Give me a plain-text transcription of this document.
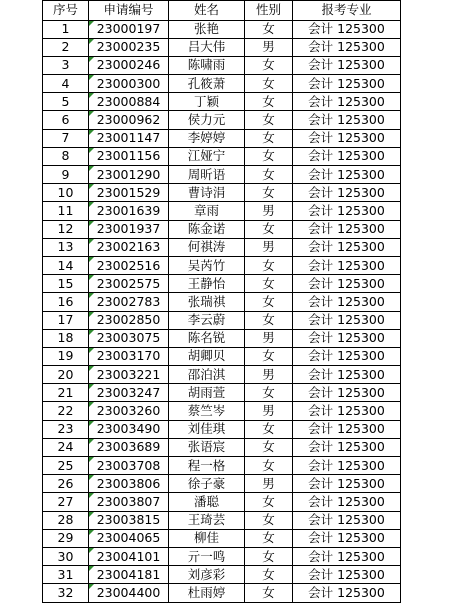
序号	申请编号	姓名	性别	报考专业
1	23000197	张艳	女	会计 125300
2	23000235	吕大伟	男	会计 125300
3	23000246	陈啸雨	女	会计 125300
4	23000300	孔筱萧	女	会计 125300
5	23000884	丁颖	女	会计 125300
6	23000962	侯力元	女	会计 125300
7	23001147	李婷婷	女	会计 125300
8	23001156	江娅宁	女	会计 125300
9	23001290	周昕语	女	会计 125300
10	23001529	曹诗涓	女	会计 125300
11	23001639	章雨	男	会计 125300
12	23001937	陈金诺	女	会计 125300
13	23002163	何祺涛	男	会计 125300
14	23002516	吴芮竹	女	会计 125300
15	23002575	王静怡	女	会计 125300
16	23002783	张瑞祺	女	会计 125300
17	23002850	李云蔚	女	会计 125300
18	23003075	陈名锐	男	会计 125300
19	23003170	胡卿贝	女	会计 125300
20	23003221	邵泊淇	男	会计 125300
21	23003247	胡雨萱	女	会计 125300
22	23003260	蔡竺岑	男	会计 125300
23	23003490	刘佳琪	女	会计 125300
24	23003689	张语宸	女	会计 125300
25	23003708	程一格	女	会计 125300
26	23003806	徐子豪	男	会计 125300
27	23003807	潘聪	女	会计 125300
28	23003815	王琦芸	女	会计 125300
29	23004065	柳佳	女	会计 125300
30	23004101	亓一鸣	女	会计 125300
31	23004181	刘彦彩	女	会计 125300
32	23004400	杜雨婷	女	会计 125300
